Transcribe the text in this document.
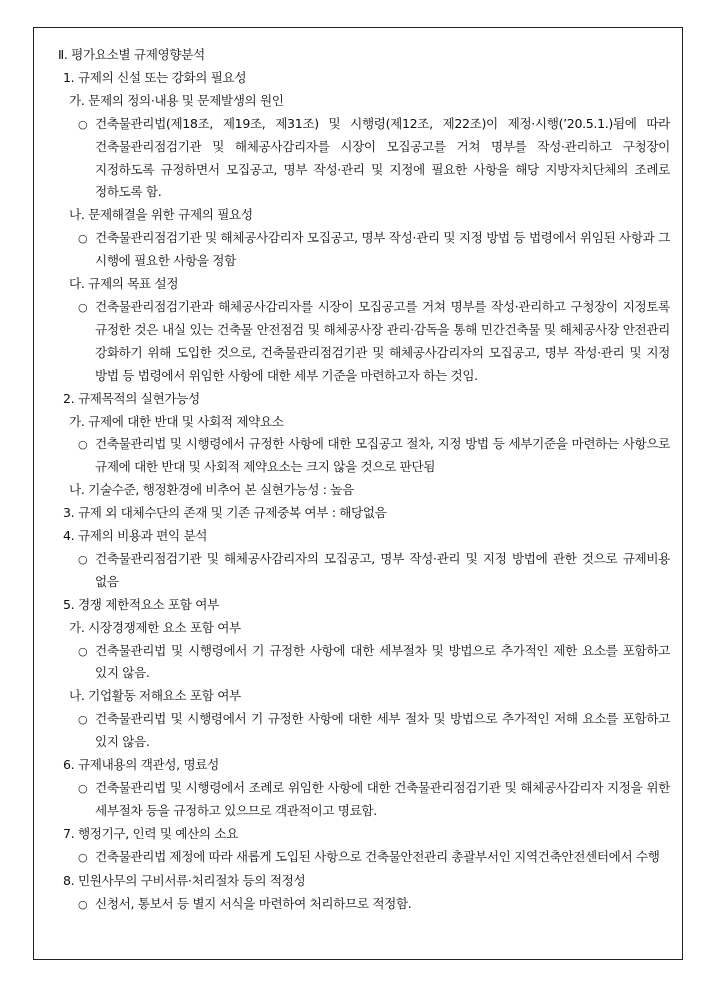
Ⅱ. 평가요소별 규제영향분석
1. 규제의 신설 또는 강화의 필요성
가. 문제의 정의·내용 및 문제발생의 원인
○ 건축물관리법(제18조, 제19조, 제31조) 및 시행령(제12조, 제22조)이 제정·시행(’20.5.1.)됨에 따라 건축물관리점검기관 및 해체공사감리자를 시장이 모집공고를 거쳐 명부를 작성·관리하고 구청장이 지정하도록 규정하면서 모집공고, 명부 작성·관리 및 지정에 필요한 사항을 해당 지방자치단체의 조례로 정하도록 함.
나. 문제해결을 위한 규제의 필요성
○ 건축물관리점검기관 및 해체공사감리자 모집공고, 명부 작성·관리 및 지정 방법 등 법령에서 위임된 사항과 그 시행에 필요한 사항을 정함
다. 규제의 목표 설정
○ 건축물관리점검기관과 해체공사감리자를 시장이 모집공고를 거쳐 명부를 작성·관리하고 구청장이 지정토록 규정한 것은 내실 있는 건축물 안전점검 및 해체공사장 관리·감독을 통해 민간건축물 및 해체공사장 안전관리 강화하기 위해 도입한 것으로, 건축물관리점검기관 및 해체공사감리자의 모집공고, 명부 작성·관리 및 지정 방법 등 법령에서 위임한 사항에 대한 세부 기준을 마련하고자 하는 것임.
2. 규제목적의 실현가능성
가. 규제에 대한 반대 및 사회적 제약요소
○ 건축물관리법 및 시행령에서 규정한 사항에 대한 모집공고 절차, 지정 방법 등 세부기준을 마련하는 사항으로 규제에 대한 반대 및 사회적 제약요소는 크지 않을 것으로 판단됨
나. 기술수준, 행정환경에 비추어 본 실현가능성 : 높음
3. 규제 외 대체수단의 존재 및 기존 규제중복 여부 : 해당없음
4. 규제의 비용과 편익 분석
○ 건축물관리점검기관 및 해체공사감리자의 모집공고, 명부 작성·관리 및 지정 방법에 관한 것으로 규제비용 없음
5. 경쟁 제한적요소 포함 여부
가. 시장경쟁제한 요소 포함 여부
○ 건축물관리법 및 시행령에서 기 규정한 사항에 대한 세부절차 및 방법으로 추가적인 제한 요소를 포함하고 있지 않음.
나. 기업활동 저해요소 포함 여부
○ 건축물관리법 및 시행령에서 기 규정한 사항에 대한 세부 절차 및 방법으로 추가적인 저해 요소를 포함하고 있지 않음.
6. 규제내용의 객관성, 명료성
○ 건축물관리법 및 시행령에서 조례로 위임한 사항에 대한 건축물관리점검기관 및 해체공사감리자 지정을 위한 세부절차 등을 규정하고 있으므로 객관적이고 명료함.
7. 행정기구, 인력 및 예산의 소요
○ 건축물관리법 제정에 따라 새롭게 도입된 사항으로 건축물안전관리 총괄부서인 지역건축안전센터에서 수행
8. 민원사무의 구비서류·처리절차 등의 적정성
○ 신청서, 통보서 등 별지 서식을 마련하여 처리하므로 적정함.
